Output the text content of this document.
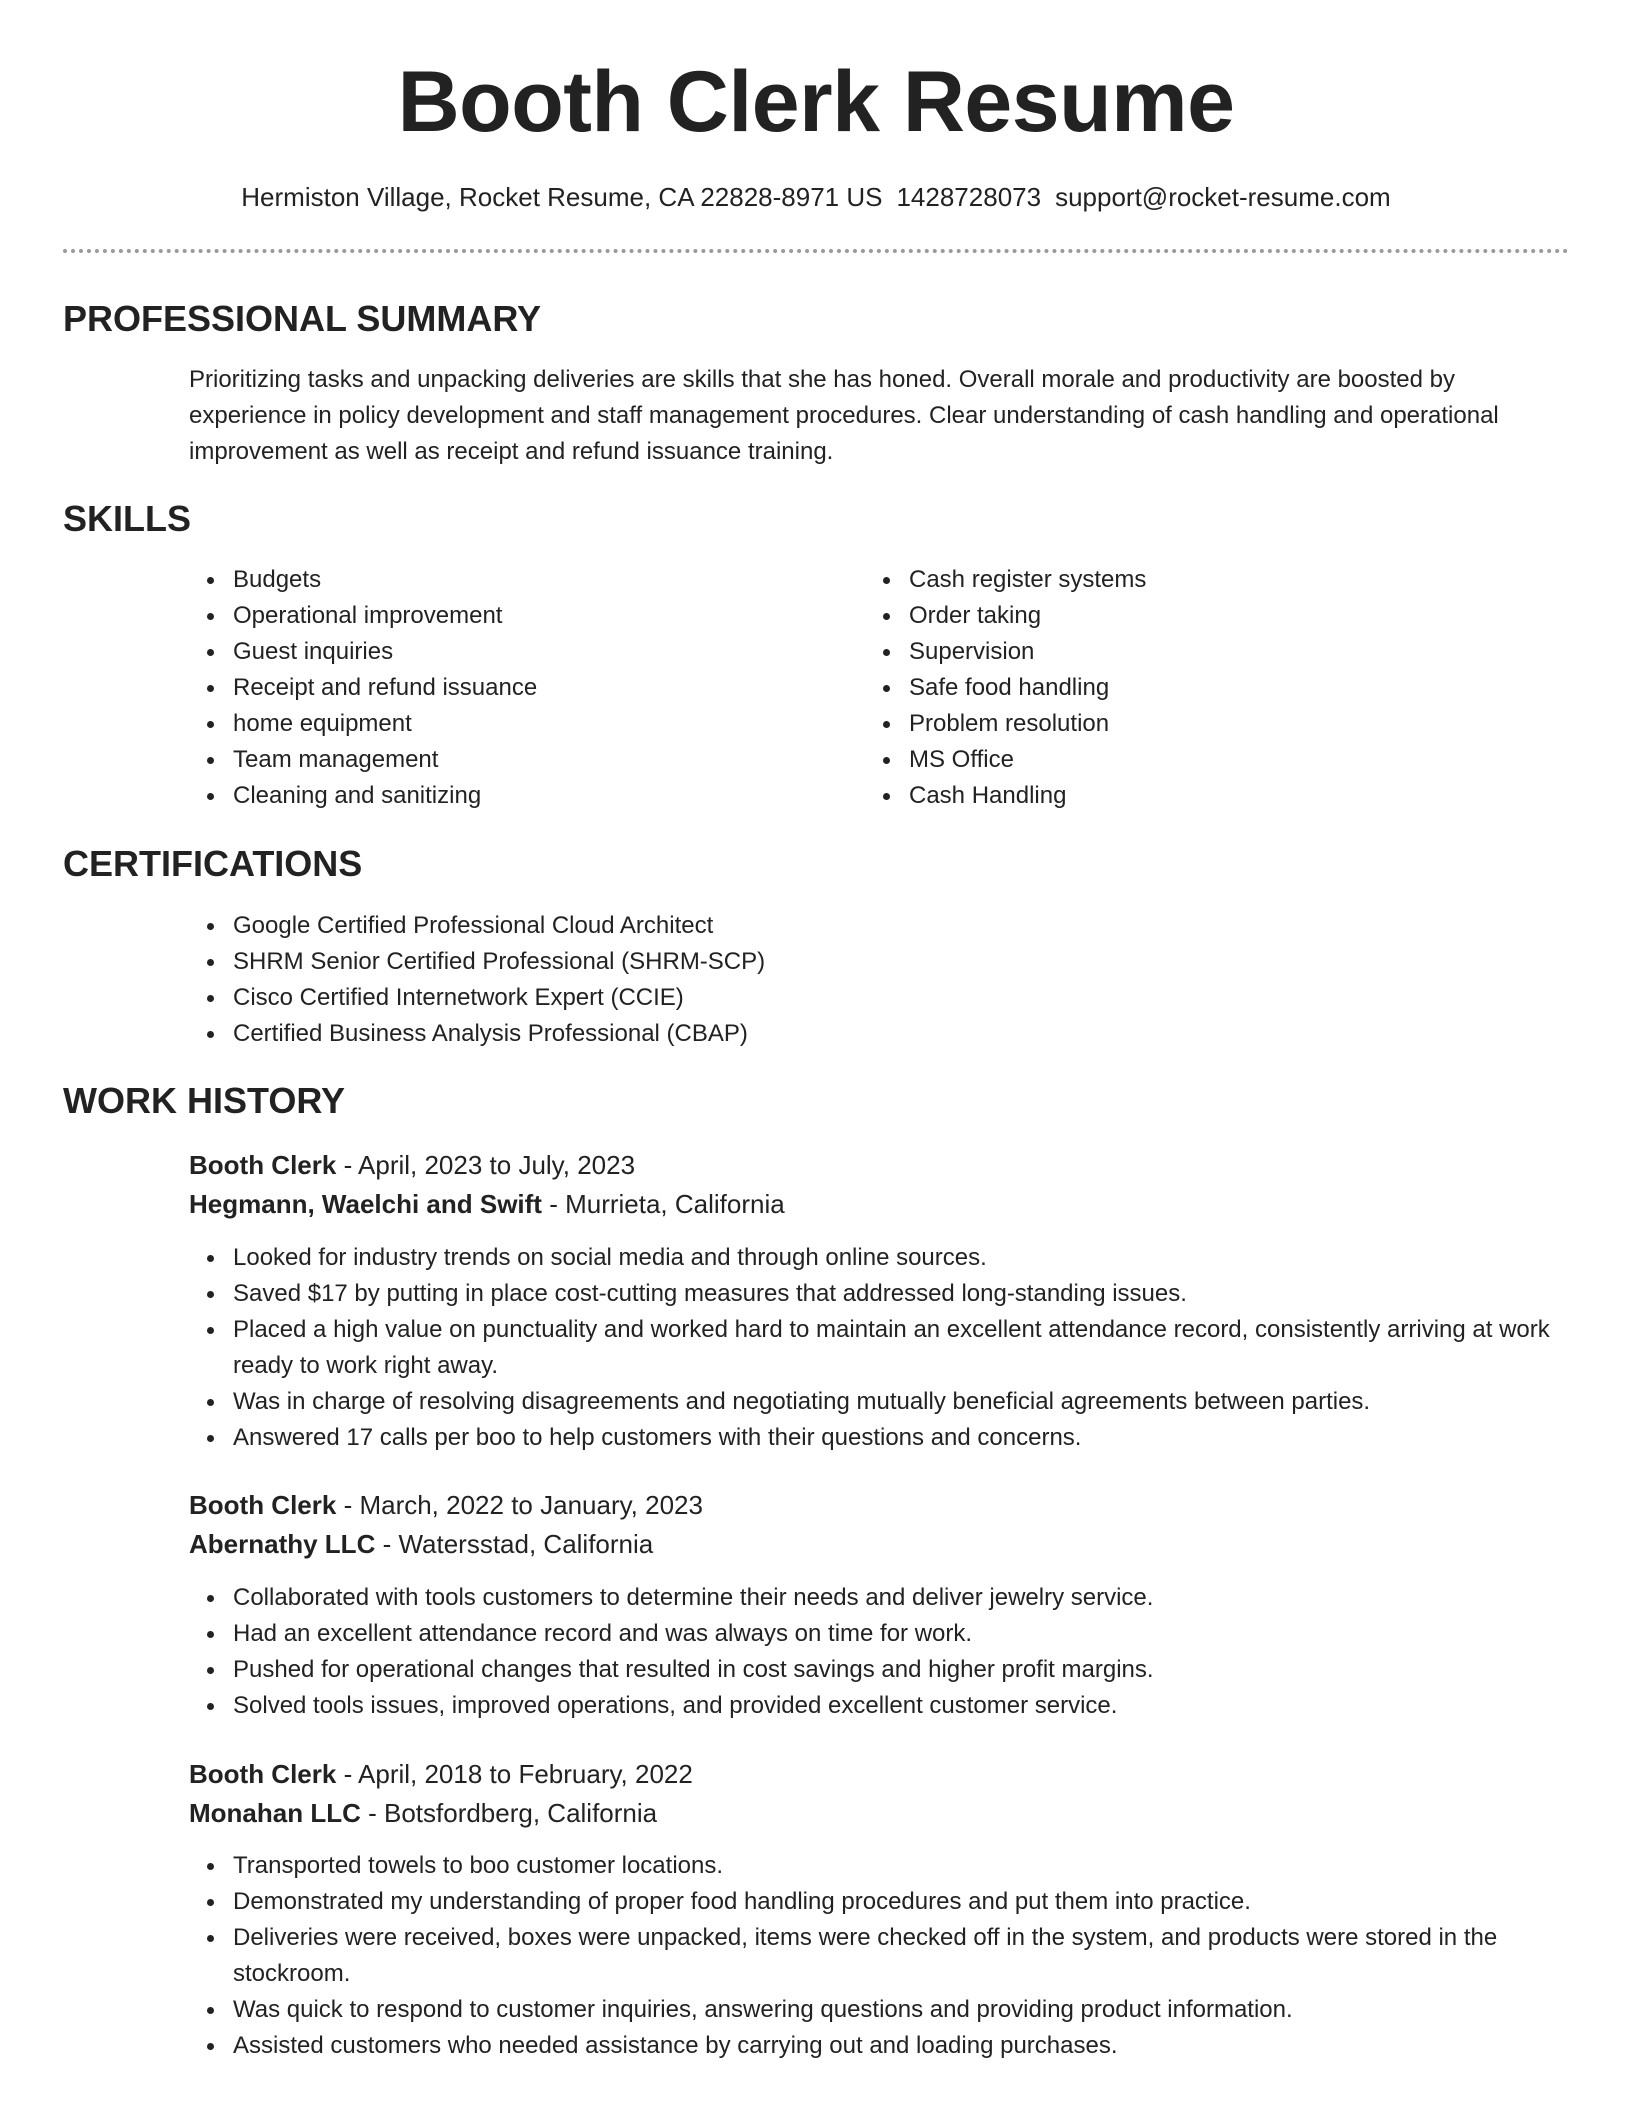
Booth Clerk Resume
Hermiston Village, Rocket Resume, CA 22828-8971 US 1428728073 support@rocket-resume.com
PROFESSIONAL SUMMARY
Prioritizing tasks and unpacking deliveries are skills that she has honed. Overall morale and productivity are boosted by experience in policy development and staff management procedures. Clear understanding of cash handling and operational improvement as well as receipt and refund issuance training.
SKILLS
Budgets
Operational improvement
Guest inquiries
Receipt and refund issuance
home equipment
Team management
Cleaning and sanitizing
Cash register systems
Order taking
Supervision
Safe food handling
Problem resolution
MS Office
Cash Handling
CERTIFICATIONS
Google Certified Professional Cloud Architect
SHRM Senior Certified Professional (SHRM-SCP)
Cisco Certified Internetwork Expert (CCIE)
Certified Business Analysis Professional (CBAP)
WORK HISTORY
Booth Clerk - April, 2023 to July, 2023
Hegmann, Waelchi and Swift - Murrieta, California
Looked for industry trends on social media and through online sources.
Saved $17 by putting in place cost-cutting measures that addressed long-standing issues.
Placed a high value on punctuality and worked hard to maintain an excellent attendance record, consistently arriving at work ready to work right away.
Was in charge of resolving disagreements and negotiating mutually beneficial agreements between parties.
Answered 17 calls per boo to help customers with their questions and concerns.
Booth Clerk - March, 2022 to January, 2023
Abernathy LLC - Watersstad, California
Collaborated with tools customers to determine their needs and deliver jewelry service.
Had an excellent attendance record and was always on time for work.
Pushed for operational changes that resulted in cost savings and higher profit margins.
Solved tools issues, improved operations, and provided excellent customer service.
Booth Clerk - April, 2018 to February, 2022
Monahan LLC - Botsfordberg, California
Transported towels to boo customer locations.
Demonstrated my understanding of proper food handling procedures and put them into practice.
Deliveries were received, boxes were unpacked, items were checked off in the system, and products were stored in the stockroom.
Was quick to respond to customer inquiries, answering questions and providing product information.
Assisted customers who needed assistance by carrying out and loading purchases.
